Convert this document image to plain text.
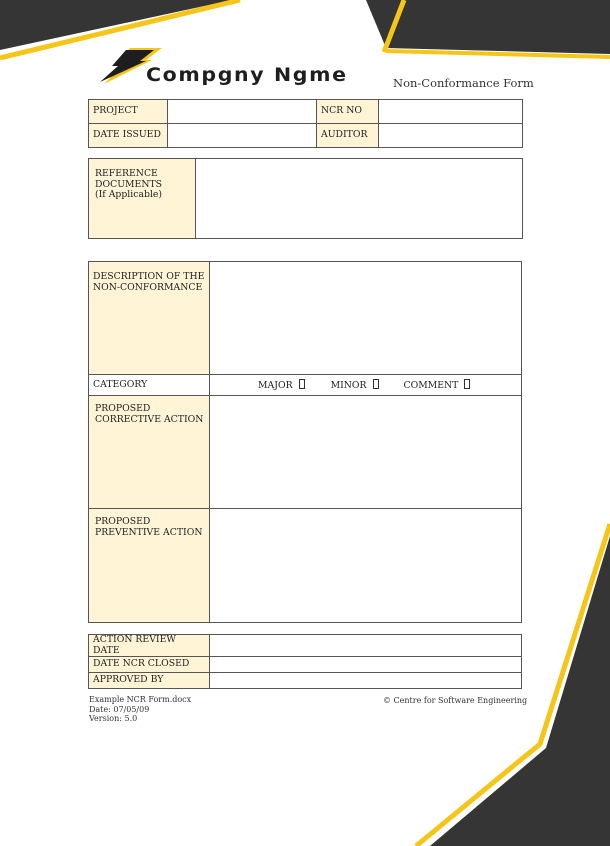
Compgny Ngme	Non-Conformance Form
PROJECT		NCR NO	
DATE ISSUED		AUDITOR	
REFERENCE
DOCUMENTS
(If Applicable)	
DESCRIPTION OF THE
NON-CONFORMANCE	
CATEGORY	MAJOR MINOR COMMENT
PROPOSED
CORRECTIVE ACTION	
PROPOSED
PREVENTIVE ACTION	
ACTION REVIEW DATE	
DATE NCR CLOSED	
APPROVED BY	
Example NCR Form.docx
Date: 07/05/09
Version: 5.0
© Centre for Software Engineering
